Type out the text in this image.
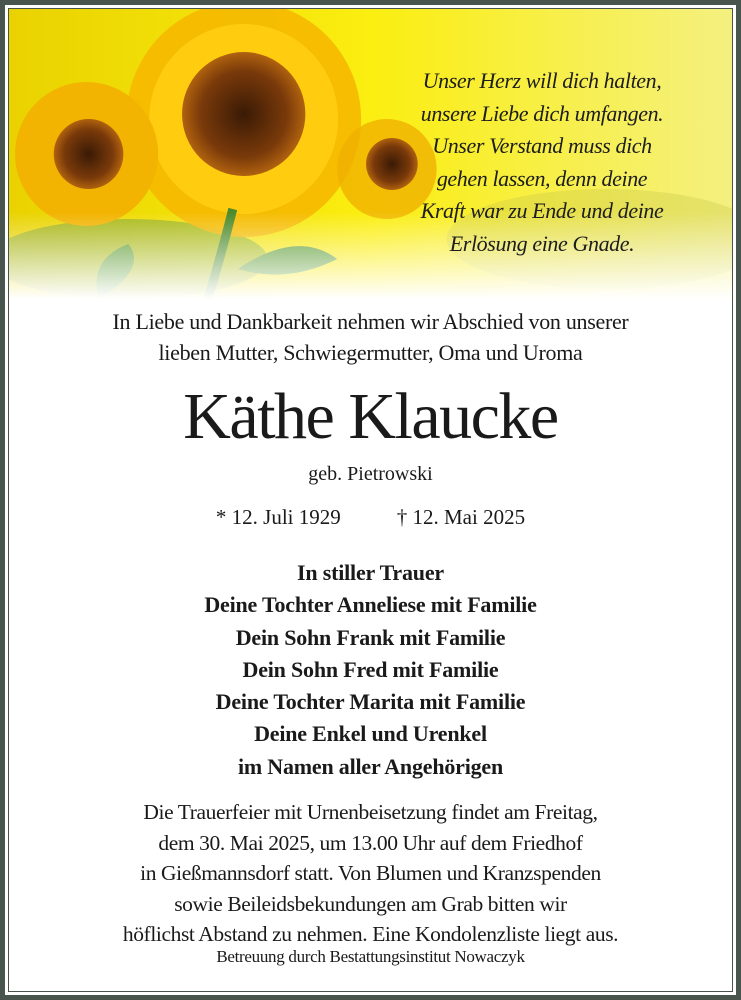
Unser Herz will dich halten,
unsere Liebe dich umfangen.
Unser Verstand muss dich
gehen lassen, denn deine
Kraft war zu Ende und deine
Erlösung eine Gnade.
In Liebe und Dankbarkeit nehmen wir Abschied von unserer
lieben Mutter, Schwiegermutter, Oma und Uroma
Käthe Klaucke
geb. Pietrowski
* 12. Juli 1929	† 12. Mai 2025
In stiller Trauer
Deine Tochter Anneliese mit Familie
Dein Sohn Frank mit Familie
Dein Sohn Fred mit Familie
Deine Tochter Marita mit Familie
Deine Enkel und Urenkel
im Namen aller Angehörigen
Die Trauerfeier mit Urnenbeisetzung findet am Freitag,
dem 30. Mai 2025, um 13.00 Uhr auf dem Friedhof
in Gießmannsdorf statt. Von Blumen und Kranzspenden
sowie Beileidsbekundungen am Grab bitten wir
höflichst Abstand zu nehmen. Eine Kondolenzliste liegt aus.
Betreuung durch Bestattungsinstitut Nowaczyk
